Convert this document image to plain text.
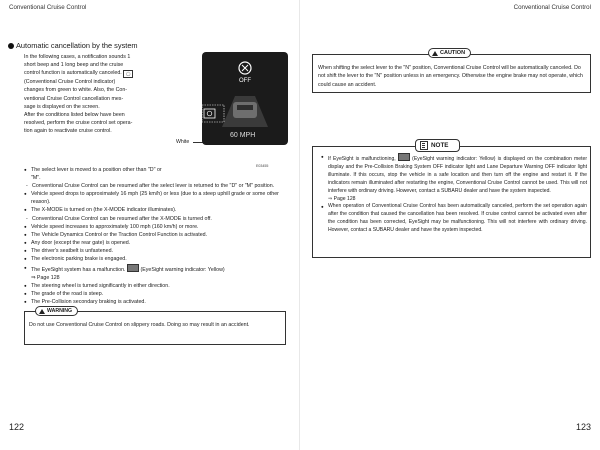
Conventional Cruise Control
Automatic cancellation by the system
In the following cases, a notification sounds 1
short beep and 1 long beep and the cruise
control function is automatically canceled. ◯
(Conventional Cruise Control indicator)
changes from green to white. Also, the Con-
ventional Cruise Control cancellation mes-
sage is displayed on the screen.
After the conditions listed below have been
resolved, perform the cruise control set opera-
tion again to reactivate cruise control.
White
OFF
60 MPH
E03455
● The select lever is moved to a position other than "D" or "M".
- Conventional Cruise Control can be resumed after the select lever is returned to the "D" or "M" position.
● Vehicle speed drops to approximately 16 mph (25 km/h) or less (due to a steep uphill grade or some other reason).
● The X-MODE is turned on (the X-MODE indicator illuminates).
- Conventional Cruise Control can be resumed after the X-MODE is turned off.
● Vehicle speed increases to approximately 100 mph (160 km/h) or more.
● The Vehicle Dynamics Control or the Traction Control Function is activated.
● Any door (except the rear gate) is opened.
● The driver's seatbelt is unfastened.
● The electronic parking brake is engaged.
● The EyeSight system has a malfunction.	(EyeSight warning indicator: Yellow)
⇒ Page 128
● The steering wheel is turned significantly in either direction.
● The grade of the road is steep.
● The Pre-Collision secondary braking is activated.
WARNING
Do not use Conventional Cruise Control on slippery roads. Doing so may result in an accident.
122
Conventional Cruise Control
CAUTION
When shifting the select lever to the "N" position, Conventional Cruise Control will be automatically canceled. Do not shift the lever to the "N" position unless in an emergency. Otherwise the engine brake may not operate, which could cause an accident.
NOTE
● If EyeSight is malfunctioning,	(EyeSight warning indicator: Yellow) is displayed on the combination meter display and the Pre-Collision Braking System OFF indicator light and Lane Departure Warning OFF indicator light illuminate. If this occurs, stop the vehicle in a safe location and then turn off the engine and restart it. If the indicators remain illuminated after restarting the engine, Conventional Cruise Control cannot be used. This will not interfere with ordinary driving. However, contact a SUBARU dealer and have the system inspected.
⇒ Page 128
● When operation of Conventional Cruise Control has been automatically canceled, perform the set operation again after the condition that caused the cancellation has been resolved. If cruise control cannot be activated even after the condition has been corrected, EyeSight may be malfunctioning. This will not interfere with ordinary driving. However, contact a SUBARU dealer and have the system inspected.
123
